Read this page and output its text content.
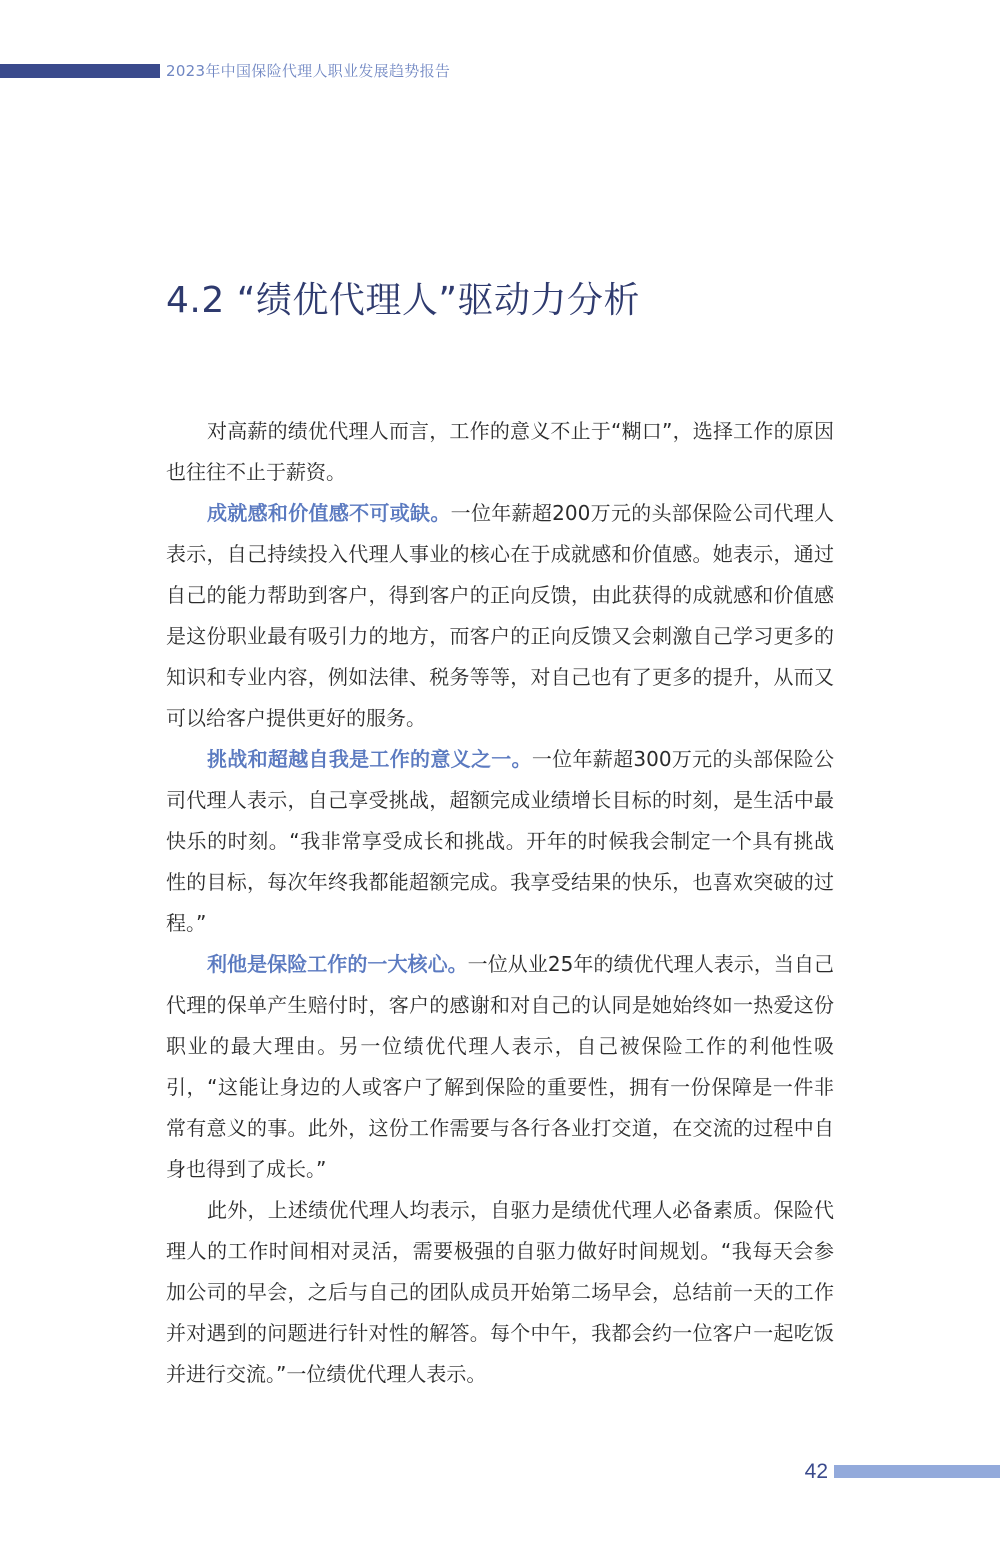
2023年中国保险代理人职业发展趋势报告
4.2 “绩优代理人”驱动力分析

对高薪的绩优代理人而言，工作的意义不止于“糊口”，选择工作的原因也往往不止于薪资。

成就感和价值感不可或缺。一位年薪超200万元的头部保险公司代理人表示，自己持续投入代理人事业的核心在于成就感和价值感。她表示，通过自己的能力帮助到客户，得到客户的正向反馈，由此获得的成就感和价值感是这份职业最有吸引力的地方，而客户的正向反馈又会刺激自己学习更多的知识和专业内容，例如法律、税务等等，对自己也有了更多的提升，从而又可以给客户提供更好的服务。

挑战和超越自我是工作的意义之一。一位年薪超300万元的头部保险公司代理人表示，自己享受挑战，超额完成业绩增长目标的时刻，是生活中最快乐的时刻。“我非常享受成长和挑战。开年的时候我会制定一个具有挑战性的目标，每次年终我都能超额完成。我享受结果的快乐，也喜欢突破的过程。”

利他是保险工作的一大核心。一位从业25年的绩优代理人表示，当自己代理的保单产生赔付时，客户的感谢和对自己的认同是她始终如一热爱这份职业的最大理由。另一位绩优代理人表示，自己被保险工作的利他性吸引，“这能让身边的人或客户了解到保险的重要性，拥有一份保障是一件非常有意义的事。此外，这份工作需要与各行各业打交道，在交流的过程中自身也得到了成长。”

此外，上述绩优代理人均表示，自驱力是绩优代理人必备素质。保险代理人的工作时间相对灵活，需要极强的自驱力做好时间规划。“我每天会参加公司的早会，之后与自己的团队成员开始第二场早会，总结前一天的工作并对遇到的问题进行针对性的解答。每个中午，我都会约一位客户一起吃饭并进行交流。”一位绩优代理人表示。

42
